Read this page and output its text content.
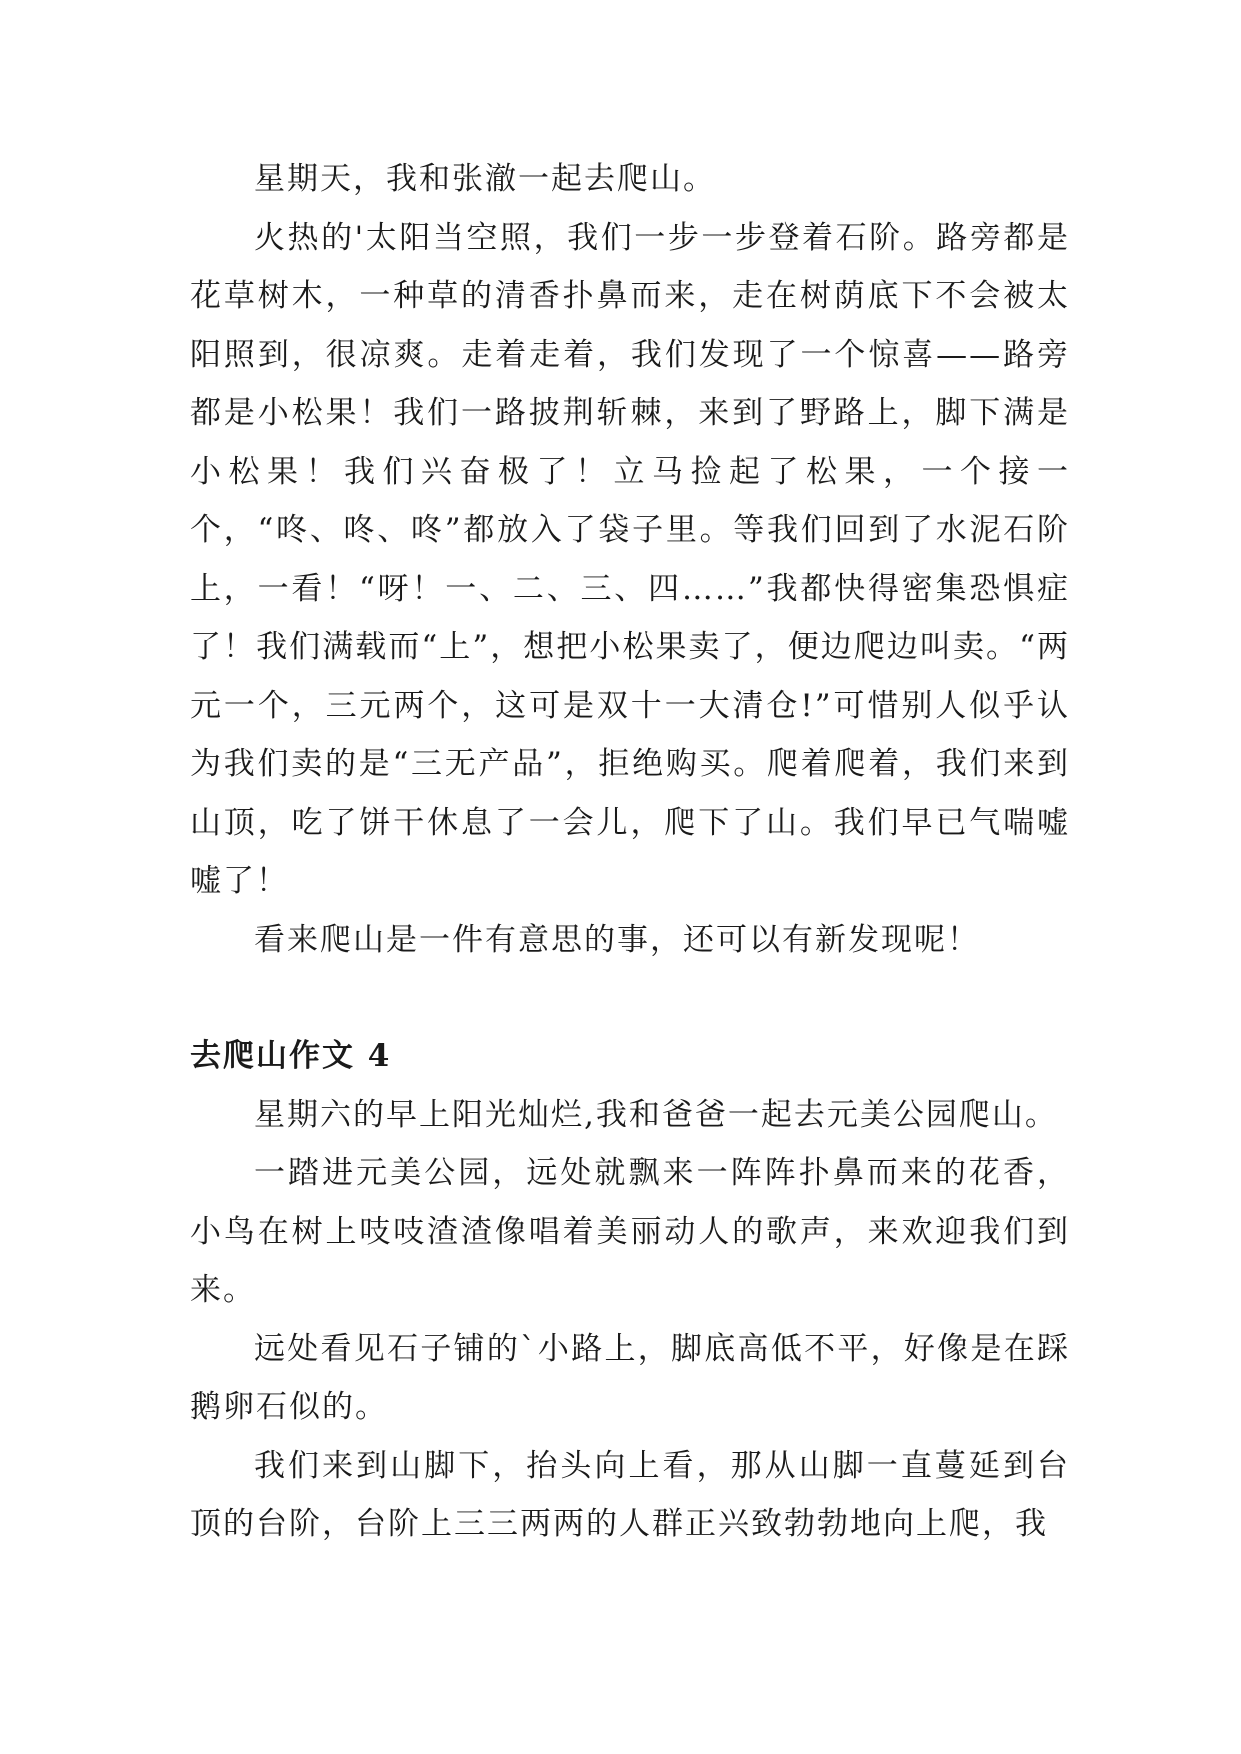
星期天，我和张澈一起去爬山。

火热的'太阳当空照，我们一步一步登着石阶。路旁都是花草树木，一种草的清香扑鼻而来，走在树荫底下不会被太阳照到，很凉爽。走着走着，我们发现了一个惊喜——路旁都是小松果！我们一路披荆斩棘，来到了野路上，脚下满是小松果！我们兴奋极了！立马捡起了松果，一个接一个，“咚、咚、咚”都放入了袋子里。等我们回到了水泥石阶上，一看！“呀！一、二、三、四……”我都快得密集恐惧症了！我们满载而“上”，想把小松果卖了，便边爬边叫卖。“两元一个，三元两个，这可是双十一大清仓!”可惜别人似乎认为我们卖的是“三无产品”，拒绝购买。爬着爬着，我们来到山顶，吃了饼干休息了一会儿，爬下了山。我们早已气喘嘘嘘了！

看来爬山是一件有意思的事，还可以有新发现呢！

去爬山作文 4

星期六的早上阳光灿烂,我和爸爸一起去元美公园爬山。

一踏进元美公园，远处就飘来一阵阵扑鼻而来的花香，小鸟在树上吱吱渣渣像唱着美丽动人的歌声，来欢迎我们到来。

远处看见石子铺的`小路上，脚底高低不平，好像是在踩鹅卵石似的。

我们来到山脚下，抬头向上看，那从山脚一直蔓延到台顶的台阶，台阶上三三两两的人群正兴致勃勃地向上爬，我
